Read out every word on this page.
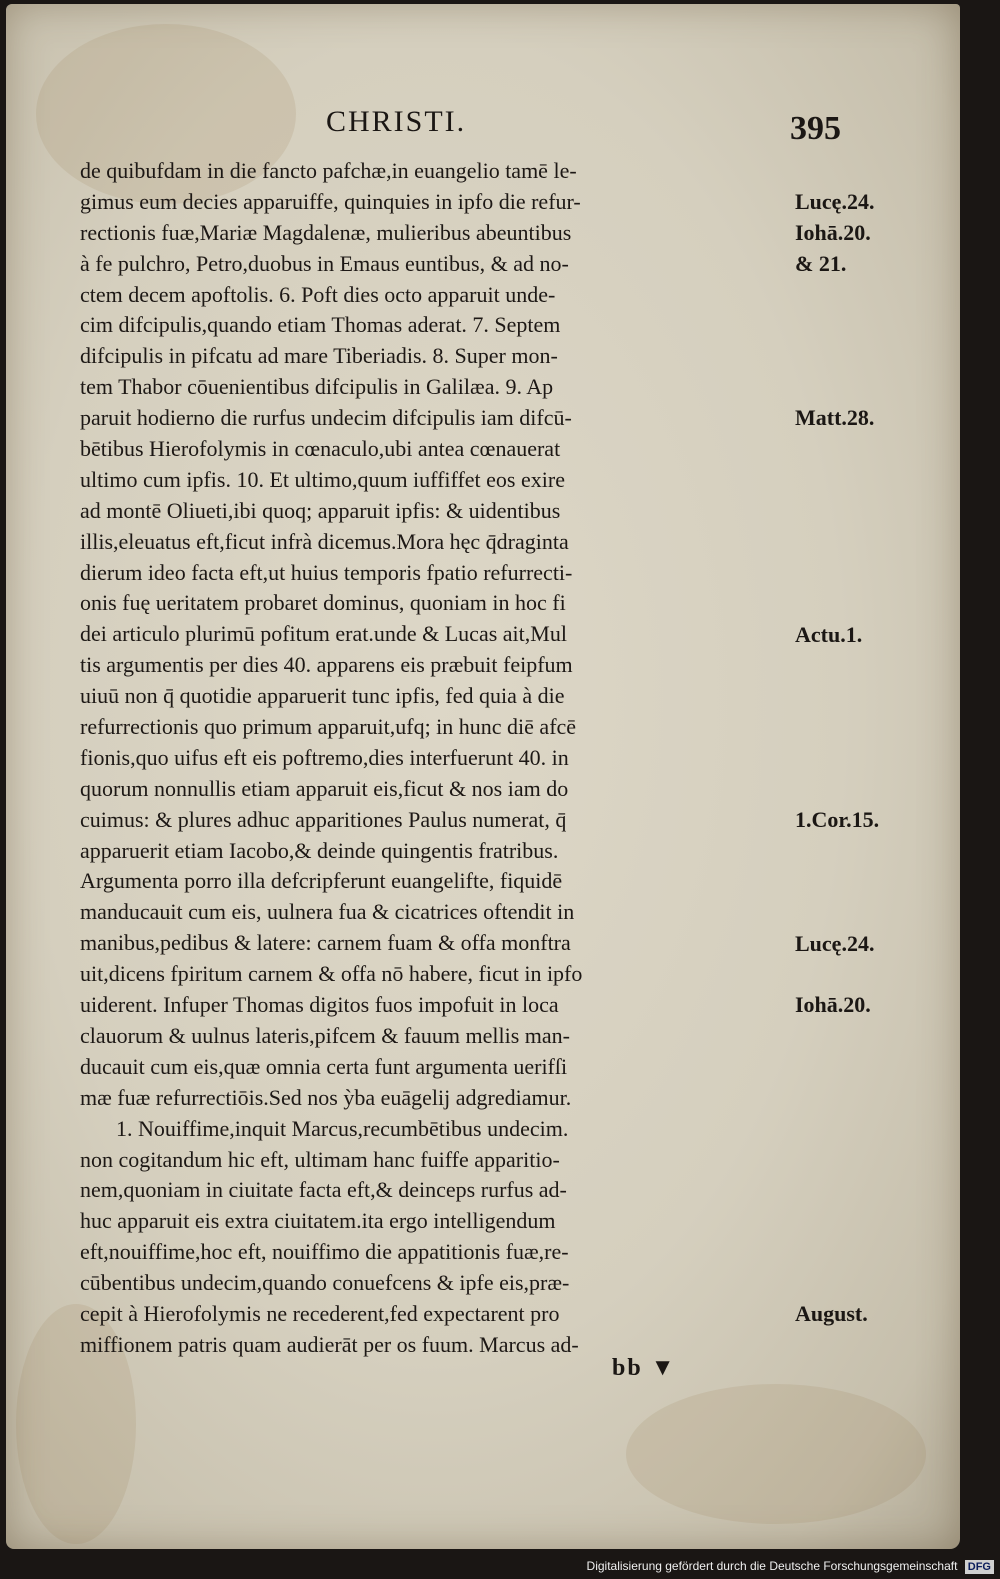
CHRISTI.	395

de quibufdam in die fancto pafchæ,in euangelio tamē le-
gimus eum decies apparuiffe, quinquies in ipfo die refur-
rectionis fuæ,Mariæ Magdalenæ, mulieribus abeuntibus
à fe pulchro, Petro,duobus in Emaus euntibus, & ad no-
ctem decem apoftolis. 6. Poft dies octo apparuit unde-
cim difcipulis,quando etiam Thomas aderat. 7. Septem
difcipulis in pifcatu ad mare Tiberiadis. 8. Super mon-
tem Thabor cōuenientibus difcipulis in Galilæa. 9. Ap
paruit hodierno die rurfus undecim difcipulis iam difcū-
bētibus Hierofolymis in cœnaculo,ubi antea cœnauerat
ultimo cum ipfis. 10. Et ultimo,quum iuffiffet eos exire
ad montē Oliueti,ibi quoq; apparuit ipfis: & uidentibus
illis,eleuatus eft,ficut infrà dicemus.Mora hęc q̄draginta
dierum ideo facta eft,ut huius temporis fpatio refurrecti-
onis fuę ueritatem probaret dominus, quoniam in hoc fi
dei articulo plurimū pofitum erat.unde & Lucas ait,Mul
tis argumentis per dies 40. apparens eis præbuit feipfum
uiuū non q̄ quotidie apparuerit tunc ipfis, fed quia à die
refurrectionis quo primum apparuit,ufq; in hunc diē afcē
fionis,quo uifus eft eis poftremo,dies interfuerunt 40. in
quorum nonnullis etiam apparuit eis,ficut & nos iam do
cuimus: & plures adhuc apparitiones Paulus numerat, q̄
apparuerit etiam Iacobo,& deinde quingentis fratribus.
Argumenta porro illa defcripferunt euangelifte, fiquidē
manducauit cum eis, uulnera fua & cicatrices oftendit in
manibus,pedibus & latere: carnem fuam & offa monftra
uit,dicens fpiritum carnem & offa nō habere, ficut in ipfo
uiderent. Infuper Thomas digitos fuos impofuit in loca
clauorum & uulnus lateris,pifcem & fauum mellis man-
ducauit cum eis,quæ omnia certa funt argumenta uerifſi
mæ fuæ refurrectiōis.Sed nos ỳba euāgelij adgrediamur.
1. Nouiffime,inquit Marcus,recumbētibus undecim.
non cogitandum hic eft, ultimam hanc fuiffe apparitio-
nem,quoniam in ciuitate facta eft,& deinceps rurfus ad-
huc apparuit eis extra ciuitatem.ita ergo intelligendum
eft,nouiffime,hoc eft, nouiffimo die appatitionis fuæ,re-
cūbentibus undecim,quando conuefcens & ipfe eis,præ-
cepit à Hierofolymis ne recederent,fed expectarent pro
miffionem patris quam audierāt per os fuum. Marcus ad-

Lucę.24.

Iohā.20.

& 21.

Matt.28.

Actu.1.

1.Cor.15.

Lucę.24.

Iohā.20.

August.

bb ▼

Digitalisierung gefördert durch die Deutsche Forschungsgemeinschaft DFG
